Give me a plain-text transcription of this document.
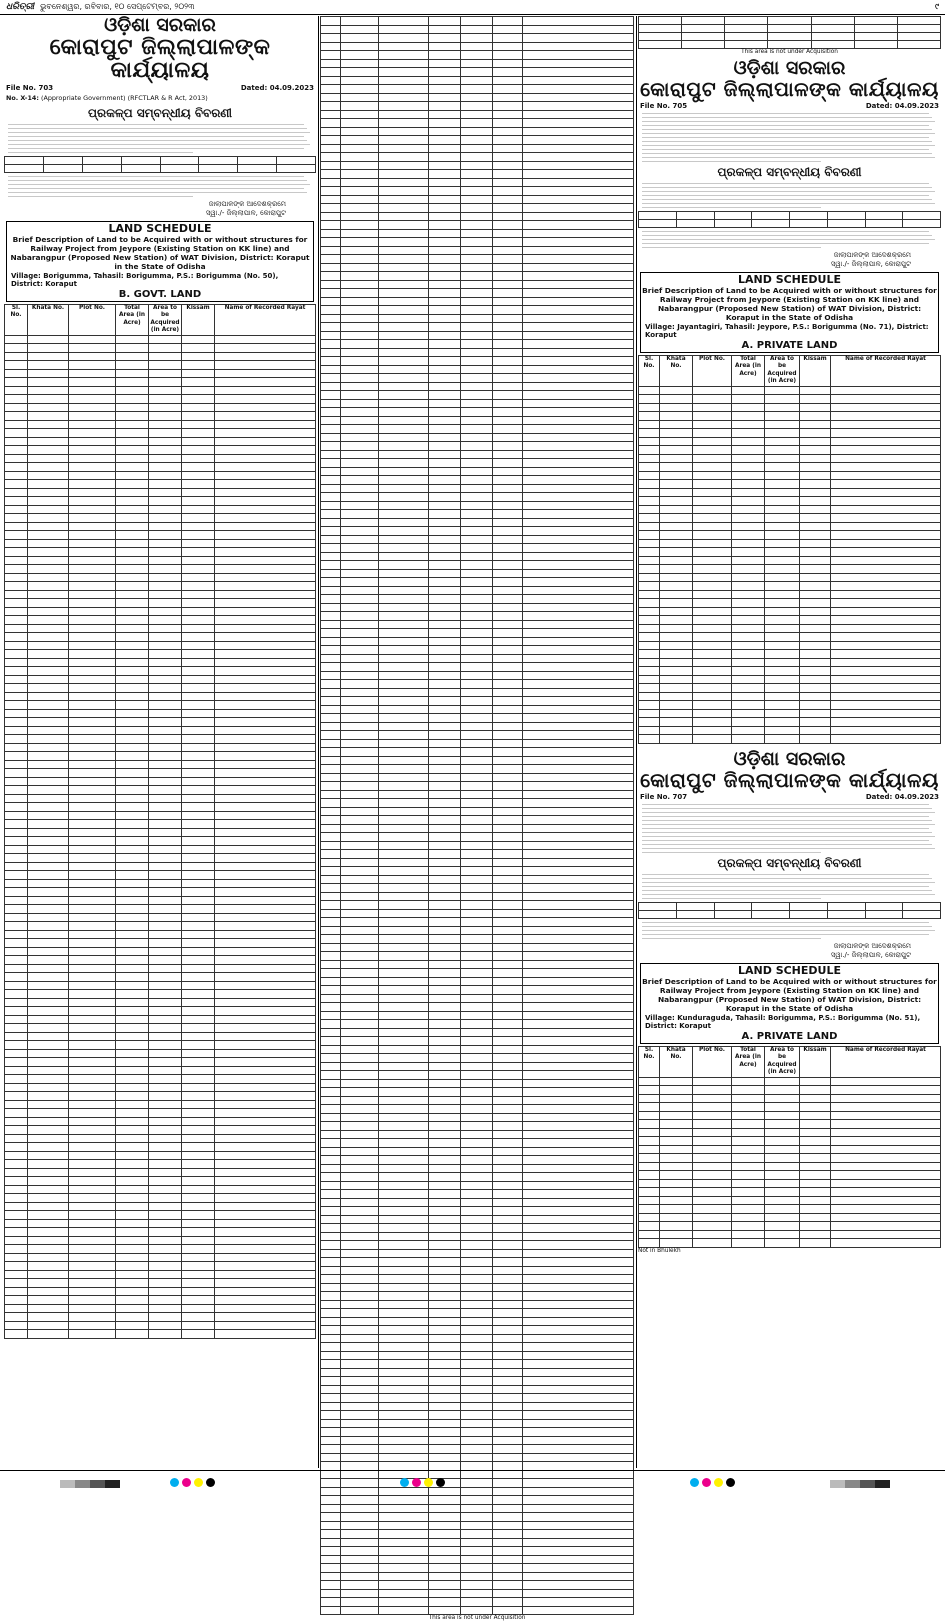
ଧରିତ୍ରୀ ଭୁବନେଶ୍ୱର, ରବିବାର, ୧୦ ସେପ୍ଟେମ୍ବର, ୨୦୨୩	୯
ଓଡ଼ିଶା ସରକାର
କୋରାପୁଟ ଜିଲ୍ଲାପାଳଙ୍କ କାର୍ଯ୍ୟାଳୟ
File No. 703	Dated: 04.09.2023
No. X-14: (Appropriate Government) (RFCTLAR & R Act, 2013)
ପ୍ରକଳ୍ପ ସମ୍ବନ୍ଧୀୟ ବିବରଣୀ

ଜାଲାପାଳଙ୍କ ଆଦେଶକ୍ରମେ
ସ୍ୱା./- ଜିଲ୍ଲାପାଳ, କୋରାପୁଟ
LAND SCHEDULE
Brief Description of Land to be Acquired with or without structures for Railway Project from Jeypore (Existing Station on KK line) and Nabarangpur (Proposed New Station) of WAT Division, District: Koraput in the State of Odisha
Village: Borigumma, Tahasil: Borigumma, P.S.: Borigumma (No. 50), District: Koraput
B. GOVT. LAND
Sl. No.	Khata No.	Plot No.	Total Area (in Acre)	Area to be Acquired (in Acre)	Kissam	Name of Recorded Rayat

This area is not under Acquisition

This area is not under Acquisition
ଓଡ଼ିଶା ସରକାର
କୋରାପୁଟ ଜିଲ୍ଲାପାଳଙ୍କ କାର୍ଯ୍ୟାଳୟ
File No. 705	Dated: 04.09.2023
ପ୍ରକଳ୍ପ ସମ୍ବନ୍ଧୀୟ ବିବରଣୀ

ଜାଲାପାଳଙ୍କ ଆଦେଶକ୍ରମେ
ସ୍ୱା./- ଜିଲ୍ଲାପାଳ, କୋରାପୁଟ
LAND SCHEDULE
Brief Description of Land to be Acquired with or without structures for Railway Project from Jeypore (Existing Station on KK line) and Nabarangpur (Proposed New Station) of WAT Division, District: Koraput in the State of Odisha
Village: Jayantagiri, Tahasil: Jeypore, P.S.: Borigumma (No. 71), District: Koraput
A. PRIVATE LAND
Sl. No.	Khata No.	Plot No.	Total Area (in Acre)	Area to be Acquired (in Acre)	Kissam	Name of Recorded Rayat

ଓଡ଼ିଶା ସରକାର
କୋରାପୁଟ ଜିଲ୍ଲାପାଳଙ୍କ କାର୍ଯ୍ୟାଳୟ
File No. 707	Dated: 04.09.2023
ପ୍ରକଳ୍ପ ସମ୍ବନ୍ଧୀୟ ବିବରଣୀ

ଜାଲାପାଳଙ୍କ ଆଦେଶକ୍ରମେ
ସ୍ୱା./- ଜିଲ୍ଲାପାଳ, କୋରାପୁଟ
LAND SCHEDULE
Brief Description of Land to be Acquired with or without structures for Railway Project from Jeypore (Existing Station on KK line) and Nabarangpur (Proposed New Station) of WAT Division, District: Koraput in the State of Odisha
Village: Kunduraguda, Tahasil: Borigumma, P.S.: Borigumma (No. 51), District: Koraput
A. PRIVATE LAND
Sl. No.	Khata No.	Plot No.	Total Area (in Acre)	Area to be Acquired (in Acre)	Kissam	Name of Recorded Rayat

Not in Bhulekh
